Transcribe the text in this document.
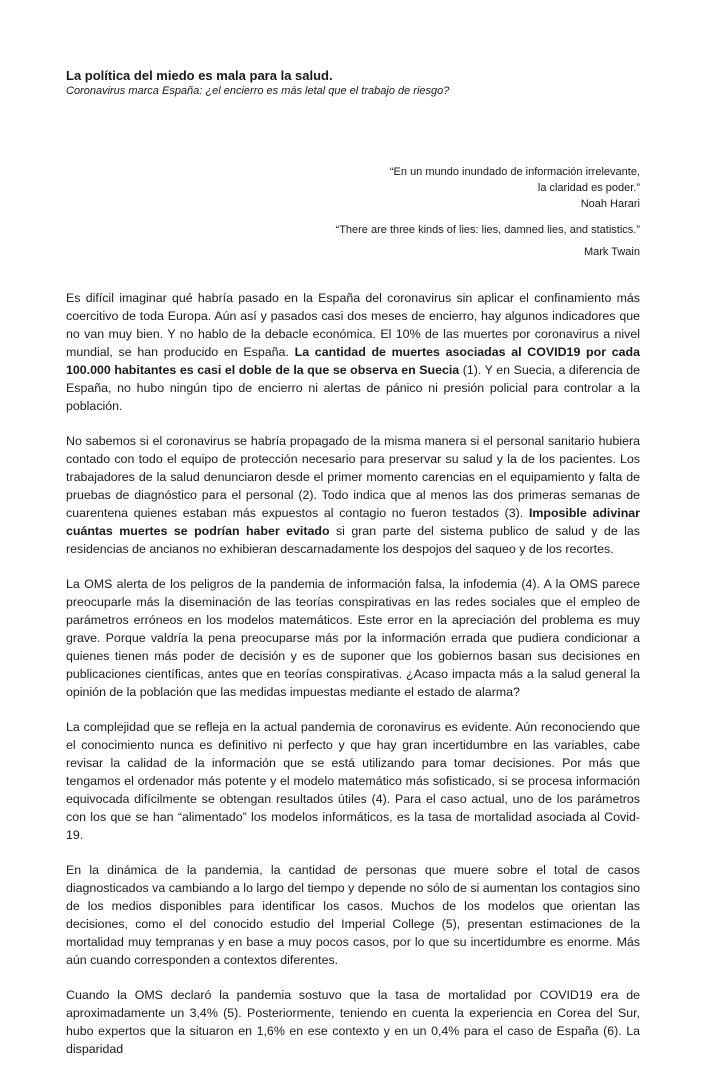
La política del miedo es mala para la salud.

Coronavirus marca España: ¿el encierro es más letal que el trabajo de riesgo?

“En un mundo inundado de información irrelevante,
la claridad es poder.”
Noah Harari
“There are three kinds of lies: lies, damned lies, and statistics.”
Mark Twain

Es difícil imaginar qué habría pasado en la España del coronavirus sin aplicar el confinamiento más coercitivo de toda Europa. Aún así y pasados casi dos meses de encierro, hay algunos indicadores que no van muy bien. Y no hablo de la debacle económica. El 10% de las muertes por coronavirus a nivel mundial, se han producido en España. La cantidad de muertes asociadas al COVID19 por cada 100.000 habitantes es casi el doble de la que se observa en Suecia (1). Y en Suecia, a diferencia de España, no hubo ningún tipo de encierro ni alertas de pánico ni presión policial para controlar a la población.

No sabemos si el coronavirus se habría propagado de la misma manera si el personal sanitario hubiera contado con todo el equipo de protección necesario para preservar su salud y la de los pacientes. Los trabajadores de la salud denunciaron desde el primer momento carencias en el equipamiento y falta de pruebas de diagnóstico para el personal (2). Todo indica que al menos las dos primeras semanas de cuarentena quienes estaban más expuestos al contagio no fueron testados (3). Imposible adivinar cuántas muertes se podrían haber evitado si gran parte del sistema publico de salud y de las residencias de ancianos no exhibieran descarnadamente los despojos del saqueo y de los recortes.

La OMS alerta de los peligros de la pandemia de información falsa, la infodemia (4). A la OMS parece preocuparle más la diseminación de las teorías conspirativas en las redes sociales que el empleo de parámetros erróneos en los modelos matemáticos. Este error en la apreciación del problema es muy grave. Porque valdría la pena preocuparse más por la información errada que pudiera condicionar a quienes tienen más poder de decisión y es de suponer que los gobiernos basan sus decisiones en publicaciones científicas, antes que en teorías conspirativas. ¿Acaso impacta más a la salud general la opinión de la población que las medidas impuestas mediante el estado de alarma?

La complejidad que se refleja en la actual pandemia de coronavirus es evidente. Aún reconociendo que el conocimiento nunca es definitivo ni perfecto y que hay gran incertidumbre en las variables, cabe revisar la calidad de la información que se está utilizando para tomar decisiones. Por más que tengamos el ordenador más potente y el modelo matemático más sofisticado, si se procesa información equivocada difícilmente se obtengan resultados útiles (4). Para el caso actual, uno de los parámetros con los que se han “alimentado” los modelos informáticos, es la tasa de mortalidad asociada al Covid-19.

En la dinámica de la pandemia, la cantidad de personas que muere sobre el total de casos diagnosticados va cambiando a lo largo del tiempo y depende no sólo de si aumentan los contagios sino de los medios disponibles para identificar los casos. Muchos de los modelos que orientan las decisiones, como el del conocido estudio del Imperial College (5), presentan estimaciones de la mortalidad muy tempranas y en base a muy pocos casos, por lo que su incertidumbre es enorme. Más aún cuando corresponden a contextos diferentes.

Cuando la OMS declaró la pandemia sostuvo que la tasa de mortalidad por COVID19 era de aproximadamente un 3,4% (5). Posteriormente, teniendo en cuenta la experiencia en Corea del Sur, hubo expertos que la situaron en 1,6% en ese contexto y en un 0,4% para el caso de España (6). La disparidad
